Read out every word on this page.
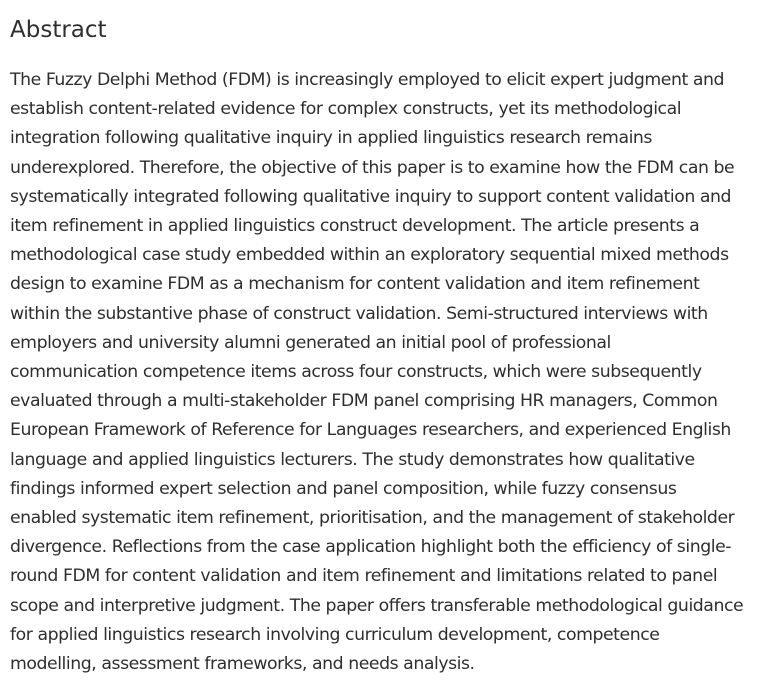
Abstract

The Fuzzy Delphi Method (FDM) is increasingly employed to elicit expert judgment and
establish content-related evidence for complex constructs, yet its methodological
integration following qualitative inquiry in applied linguistics research remains
underexplored. Therefore, the objective of this paper is to examine how the FDM can be
systematically integrated following qualitative inquiry to support content validation and
item refinement in applied linguistics construct development. The article presents a
methodological case study embedded within an exploratory sequential mixed methods
design to examine FDM as a mechanism for content validation and item refinement
within the substantive phase of construct validation. Semi-structured interviews with
employers and university alumni generated an initial pool of professional
communication competence items across four constructs, which were subsequently
evaluated through a multi-stakeholder FDM panel comprising HR managers, Common
European Framework of Reference for Languages researchers, and experienced English
language and applied linguistics lecturers. The study demonstrates how qualitative
findings informed expert selection and panel composition, while fuzzy consensus
enabled systematic item refinement, prioritisation, and the management of stakeholder
divergence. Reflections from the case application highlight both the efficiency of single-
round FDM for content validation and item refinement and limitations related to panel
scope and interpretive judgment. The paper offers transferable methodological guidance
for applied linguistics research involving curriculum development, competence
modelling, assessment frameworks, and needs analysis.
